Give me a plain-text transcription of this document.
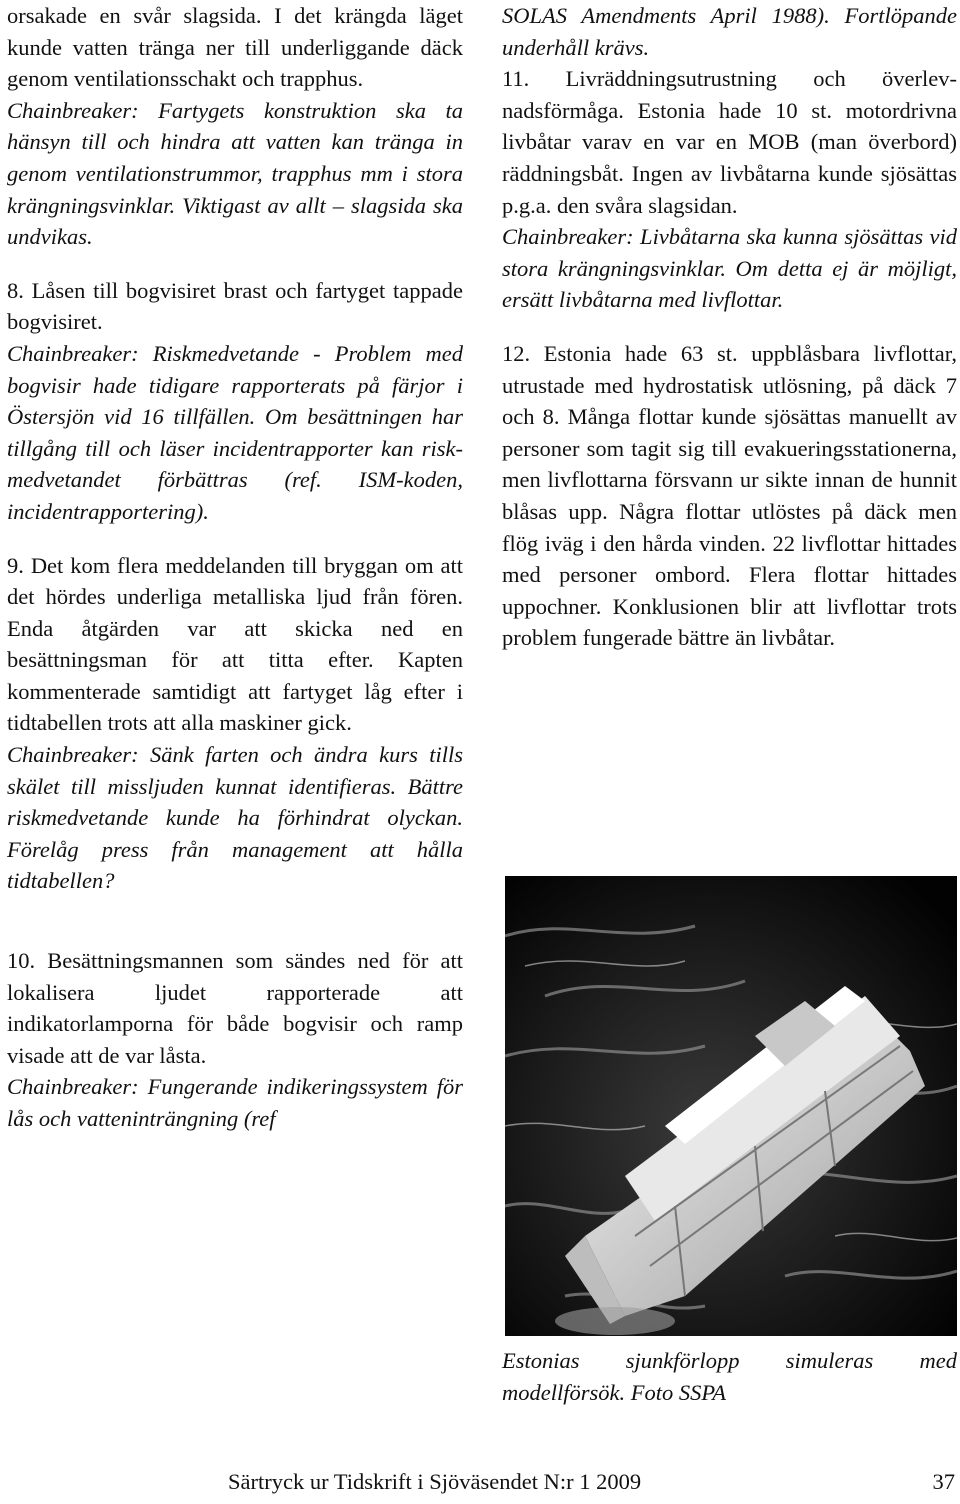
orsakade en svår slagsida. I det krängda läget kunde vatten tränga ner till underliggande däck genom ventilationsschakt och trapphus.

Chainbreaker: Fartygets konstruktion ska ta hänsyn till och hindra att vatten kan tränga in genom ventilationstrummor, trapphus mm i stora krängningsvinklar. Viktigast av allt – slagsida ska undvikas.

8. Låsen till bogvisiret brast och fartyget tappade bogvisiret.

Chainbreaker: Riskmedvetande - Problem med bogvisir hade tidigare rapporterats på färjor i Östersjön vid 16 tillfällen. Om besättningen har tillgång till och läser incidentrapporter kan riskmedvetandet förbättras (ref. ISM-koden, incidentrapportering).

9. Det kom flera meddelanden till bryggan om att det hördes underliga metalliska ljud från fören. Enda åtgärden var att skicka ned en besättningsman för att titta efter. Kapten kommenterade samtidigt att fartyget låg efter i tidtabellen trots att alla maskiner gick.

Chainbreaker: Sänk farten och ändra kurs tills skälet till missljuden kunnat identifieras. Bättre riskmedvetande kunde ha förhindrat olyckan. Förelåg press från management att hålla tidtabellen?

10. Besättningsmannen som sändes ned för att lokalisera ljudet rapporterade att indikatorlamporna för både bogvisir och ramp visade att de var låsta.

Chainbreaker: Fungerande indikeringssystem för lås och vatteninträngning (ref

SOLAS Amendments April 1988). Fortlöpande underhåll krävs.

11. Livräddningsutrustning och överlevnadsförmåga. Estonia hade 10 st. motordrivna livbåtar varav en var en MOB (man överbord) räddningsbåt. Ingen av livbåtarna kunde sjösättas p.g.a. den svåra slagsidan.

Chainbreaker: Livbåtarna ska kunna sjösättas vid stora krängningsvinklar. Om detta ej är möjligt, ersätt livbåtarna med livflottar.

12. Estonia hade 63 st. uppblåsbara livflottar, utrustade med hydrostatisk utlösning, på däck 7 och 8. Många flottar kunde sjösättas manuellt av personer som tagit sig till evakueringsstationerna, men livflottarna försvann ur sikte innan de hunnit blåsas upp. Några flottar utlöstes på däck men flög iväg i den hårda vinden. 22 livflottar hittades med personer ombord. Flera flottar hittades uppochner. Konklusionen blir att livflottar trots problem fungerade bättre än livbåtar.

Estonias sjunkförlopp simuleras med modellförsök. Foto SSPA
Särtryck ur Tidskrift i Sjöväsendet N:r 1 2009	37
